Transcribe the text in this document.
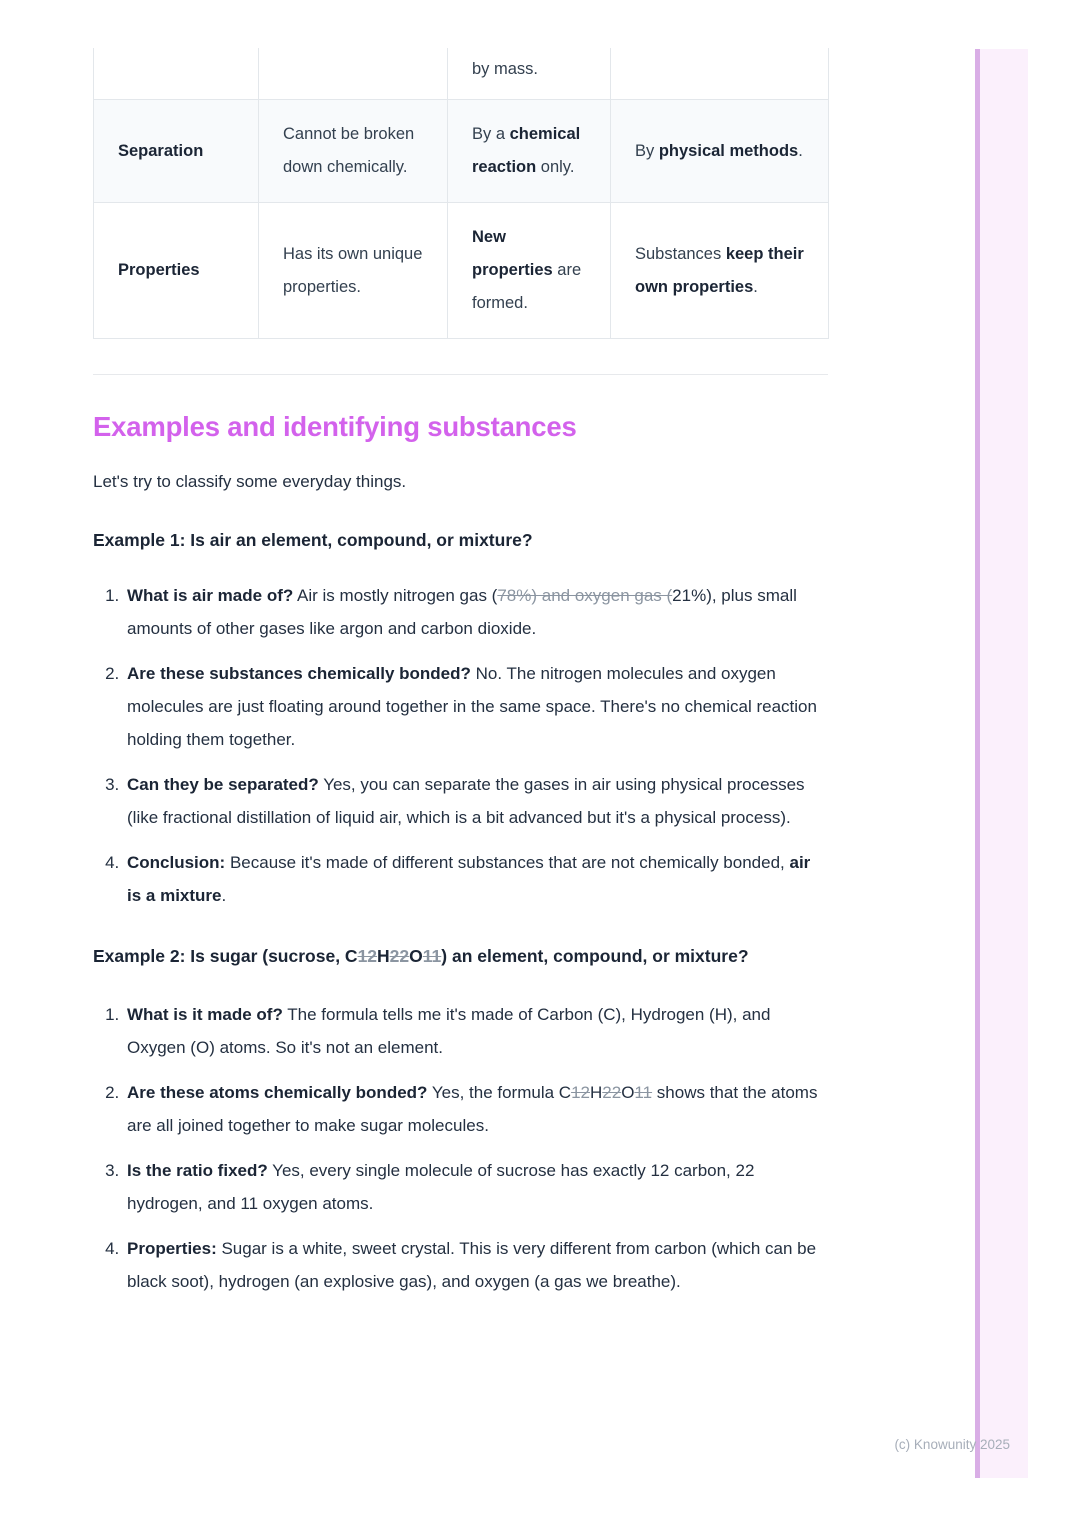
		by mass.	
Separation	Cannot be broken down chemically.	By a chemical reaction only.	By physical methods.
Properties	Has its own unique properties.	New properties are formed.	Substances keep their own properties.
Examples and identifying substances

Let's try to classify some everyday things.

Example 1: Is air an element, compound, or mixture?
1. What is air made of? Air is mostly nitrogen gas (78%) and oxygen gas (21%), plus small amounts of other gases like argon and carbon dioxide.
2. Are these substances chemically bonded? No. The nitrogen molecules and oxygen molecules are just floating around together in the same space. There's no chemical reaction holding them together.
3. Can they be separated? Yes, you can separate the gases in air using physical processes (like fractional distillation of liquid air, which is a bit advanced but it's a physical process).
4. Conclusion: Because it's made of different substances that are not chemically bonded, air is a mixture.
Example 2: Is sugar (sucrose, C12H22O11) an element, compound, or mixture?
1. What is it made of? The formula tells me it's made of Carbon (C), Hydrogen (H), and Oxygen (O) atoms. So it's not an element.
2. Are these atoms chemically bonded? Yes, the formula C12H22O11 shows that the atoms are all joined together to make sugar molecules.
3. Is the ratio fixed? Yes, every single molecule of sucrose has exactly 12 carbon, 22 hydrogen, and 11 oxygen atoms.
4. Properties: Sugar is a white, sweet crystal. This is very different from carbon (which can be black soot), hydrogen (an explosive gas), and oxygen (a gas we breathe).
(c) Knowunity 2025
